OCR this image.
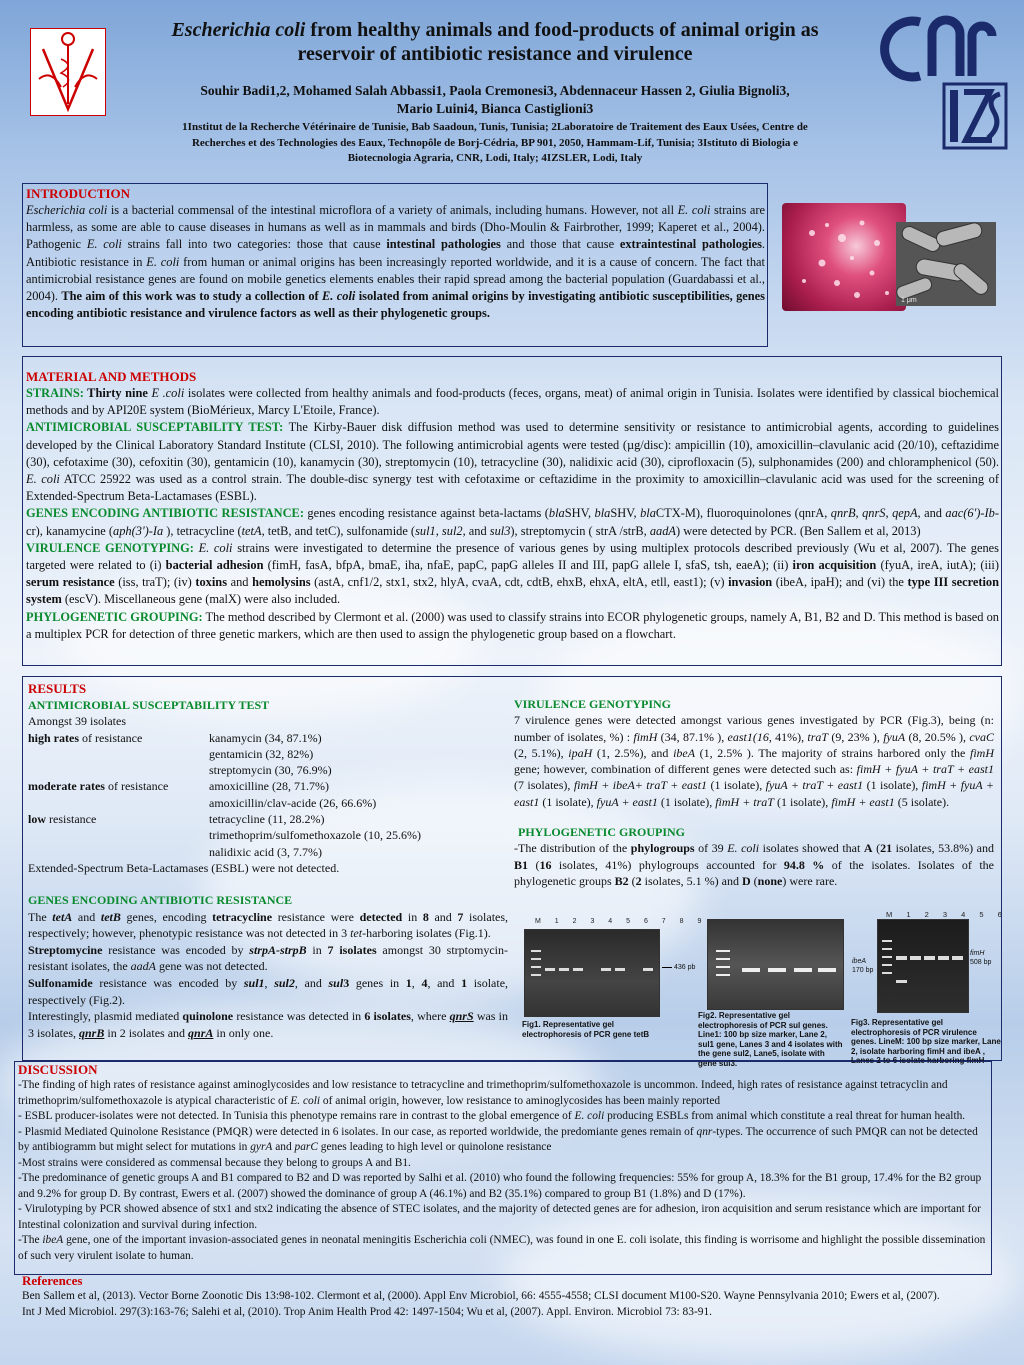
Escherichia coli from healthy animals and food-products of animal origin as
reservoir of antibiotic resistance and virulence
Souhir Badi1,2, Mohamed Salah Abbassi1, Paola Cremonesi3, Abdennaceur Hassen 2, Giulia Bignoli3,
Mario Luini4, Bianca Castiglioni3
1Institut de la Recherche Vétérinaire de Tunisie, Bab Saadoun, Tunis, Tunisia; 2Laboratoire de Traitement des Eaux Usées, Centre de
Recherches et des Technologies des Eaux, Technopôle de Borj-Cédria, BP 901, 2050, Hammam-Lif, Tunisia; 3Istituto di Biologia e
Biotecnologia Agraria, CNR, Lodi, Italy; 4IZSLER, Lodi, Italy
INTRODUCTION
Escherichia coli is a bacterial commensal of the intestinal microflora of a variety of animals, including humans. However, not all E. coli strains are harmless, as some are able to cause diseases in humans as well as in mammals and birds (Dho-Moulin & Fairbrother, 1999; Kaperet et al., 2004). Pathogenic E. coli strains fall into two categories: those that cause intestinal pathologies and those that cause extraintestinal pathologies. Antibiotic resistance in E. coli from human or animal origins has been increasingly reported worldwide, and it is a cause of concern. The fact that antimicrobial resistance genes are found on mobile genetics elements enables their rapid spread among the bacterial population (Guardabassi et al., 2004). The aim of this work was to study a collection of E. coli isolated from animal origins by investigating antibiotic susceptibilities, genes encoding antibiotic resistance and virulence factors as well as their phylogenetic groups.
1 μm
MATERIAL AND METHODS
STRAINS: Thirty nine E .coli isolates were collected from healthy animals and food-products (feces, organs, meat) of animal origin in Tunisia. Isolates were identified by classical biochemical methods and by API20E system (BioMérieux, Marcy L'Etoile, France).
ANTIMICROBIAL SUSCEPTABILITY TEST: The Kirby-Bauer disk diffusion method was used to determine sensitivity or resistance to antimicrobial agents, according to guidelines developed by the Clinical Laboratory Standard Institute (CLSI, 2010). The following antimicrobial agents were tested (µg/disc): ampicillin (10), amoxicillin–clavulanic acid (20/10), ceftazidime (30), cefotaxime (30), cefoxitin (30), gentamicin (10), kanamycin (30), streptomycin (10), tetracycline (30), nalidixic acid (30), ciprofloxacin (5), sulphonamides (200) and chloramphenicol (50). E. coli ATCC 25922 was used as a control strain. The double-disc synergy test with cefotaxime or ceftazidime in the proximity to amoxicillin–clavulanic acid was used for the screening of Extended-Spectrum Beta-Lactamases (ESBL).
GENES ENCODING ANTIBIOTIC RESISTANCE: genes encoding resistance against beta-lactams (blaSHV, blaSHV, blaCTX-M), fluoroquinolones (qnrA, qnrB, qnrS, qepA, and aac(6')-Ib-cr), kanamycine (aph(3')-Ia ), tetracycline (tetA, tetB, and tetC), sulfonamide (sul1, sul2, and sul3), streptomycin ( strA /strB, aadA) were detected by PCR. (Ben Sallem et al, 2013)
VIRULENCE GENOTYPING: E. coli strains were investigated to determine the presence of various genes by using multiplex protocols described previously (Wu et al, 2007). The genes targeted were related to (i) bacterial adhesion (fimH, fasA, bfpA, bmaE, iha, nfaE, papC, papG alleles II and III, papG allele I, sfaS, tsh, eaeA); (ii) iron acquisition (fyuA, ireA, iutA); (iii) serum resistance (iss, traT); (iv) toxins and hemolysins (astA, cnf1/2, stx1, stx2, hlyA, cvaA, cdt, cdtB, ehxB, ehxA, eltA, etll, east1); (v) invasion (ibeA, ipaH); and (vi) the type III secretion system (escV). Miscellaneous gene (malX) were also included.
PHYLOGENETIC GROUPING: The method described by Clermont et al. (2000) was used to classify strains into ECOR phylogenetic groups, namely A, B1, B2 and D. This method is based on a multiplex PCR for detection of three genetic markers, which are then used to assign the phylogenetic group based on a flowchart.
RESULTS
ANTIMICROBIAL SUSCEPTABILITY TEST
Amongst 39 isolates
high rates of resistance	kanamycin (34, 87.1%)
gentamicin (32, 82%)
streptomycin (30, 76.9%)
moderate rates of resistance	amoxicilline (28, 71.7%)
amoxicillin/clav-acide (26, 66.6%)
low resistance	tetracycline (11, 28.2%)
trimethoprim/sulfomethoxazole (10, 25.6%)
nalidixic acid (3, 7.7%)
Extended-Spectrum Beta-Lactamases (ESBL) were not detected.
GENES ENCODING ANTIBIOTIC RESISTANCE
The tetA and tetB genes, encoding tetracycline resistance were detected in 8 and 7 isolates, respectively; however, phenotypic resistance was not detected in 3 tet-harboring isolates (Fig.1).
Streptomycine resistance was encoded by strpA-strpB in 7 isolates amongst 30 strptomycin-resistant isolates, the aadA gene was not detected.
Sulfonamide resistance was encoded by sul1, sul2, and sul3 genes in 1, 4, and 1 isolate, respectively (Fig.2).
Interestingly, plasmid mediated quinolone resistance was detected in 6 isolates, where qnrS was in 3 isolates, qnrB in 2 isolates and qnrA in only one.
VIRULENCE GENOTYPING
7 virulence genes were detected amongst various genes investigated by PCR (Fig.3), being (n: number of isolates, %) : fimH (34, 87.1% ), east1(16, 41%), traT (9, 23% ), fyuA (8, 20.5% ), cvaC (2, 5.1%), ipaH (1, 2.5%), and ibeA (1, 2.5% ). The majority of strains harbored only the fimH gene; however, combination of different genes were detected such as: fimH + fyuA + traT + east1 (7 isolates), fimH + ibeA+ traT + east1 (1 isolate), fyuA + traT + east1 (1 isolate), fimH + fyuA + east1 (1 isolate), fyuA + east1 (1 isolate), fimH + traT (1 isolate), fimH + east1 (5 isolate).
PHYLOGENETIC GROUPING
-The distribution of the phylogroups of 39 E. coli isolates showed that A (21 isolates, 53.8%) and B1 (16 isolates, 41%) phylogroups accounted for 94.8 % of the isolates. Isolates of the phylogenetic groups B2 (2 isolates, 5.1 %) and D (none) were rare.
M 1 2 3 4 5 6 7 8 9
436 pb
Fig1. Representative gel electrophoresis of PCR gene tetB
Fig2. Representative gel electrophoresis of PCR sul genes. Line1: 100 bp size marker, Lane 2, sul1 gene, Lanes 3 and 4 isolates with the gene sul2, Lane5, isolate with gene sul3.
M 1 2 3 4 5 6
ibeA
170 bp
fimH
508 bp
Fig3. Representative gel electrophoresis of PCR virulence genes. LineM: 100 bp size marker, Lane 2, isolate harboring fimH and ibeA , Lanes 2 to 6 isolate harboring fimH
DISCUSSION
-The finding of high rates of resistance against aminoglycosides and low resistance to tetracycline and trimethoprim/sulfomethoxazole is uncommon. Indeed, high rates of resistance against tetracyclin and trimethoprim/sulfomethoxazole is atypical characteristic of E. coli of animal origin, however, low resistance to aminoglycosides has been mainly reported
- ESBL producer-isolates were not detected. In Tunisia this phenotype remains rare in contrast to the global emergence of E. coli producing ESBLs from animal which constitute a real threat for human health.
- Plasmid Mediated Quinolone Resistance (PMQR) were detected in 6 isolates. In our case, as reported worldwide, the predomiante genes remain of qnr-types. The occurrence of such PMQR can not be detected by antibiogramm but might select for mutations in gyrA and parC genes leading to high level or quinolone resistance
-Most strains were considered as commensal because they belong to groups A and B1.
-The predominance of genetic groups A and B1 compared to B2 and D was reported by Salhi et al. (2010) who found the following frequencies: 55% for group A, 18.3% for the B1 group, 17.4% for the B2 group and 9.2% for group D. By contrast, Ewers et al. (2007) showed the dominance of group A (46.1%) and B2 (35.1%) compared to group B1 (1.8%) and D (17%).
- Virulotyping by PCR showed absence of stx1 and stx2 indicating the absence of STEC isolates, and the majority of detected genes are for adhesion, iron acquisition and serum resistance which are important for Intestinal colonization and survival during infection.
-The ibeA gene, one of the important invasion-associated genes in neonatal meningitis Escherichia coli (NMEC), was found in one E. coli isolate, this finding is worrisome and highlight the possible dissemination of such very virulent isolate to human.
References
Ben Sallem et al, (2013). Vector Borne Zoonotic Dis 13:98-102. Clermont et al, (2000). Appl Env Microbiol, 66: 4555-4558; CLSI document M100-S20. Wayne Pennsylvania 2010; Ewers et al, (2007). Int J Med Microbiol. 297(3):163-76; Salehi et al, (2010). Trop Anim Health Prod 42: 1497-1504; Wu et al, (2007). Appl. Environ. Microbiol 73: 83-91.
